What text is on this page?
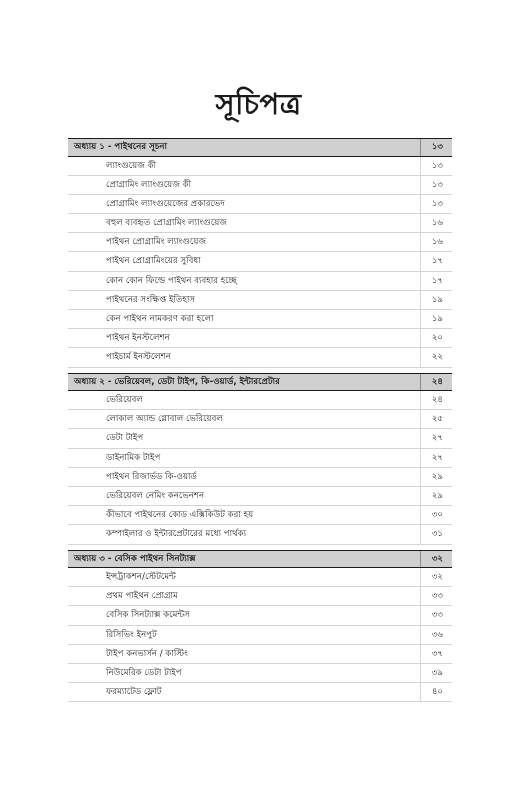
সূচিপত্র
অধ্যায় ১ - পাইথনের সূচনা	১৩
ল্যাংগুয়েজ কী	১৩
প্রোগ্রামিং ল্যাংগুয়েজ কী	১৩
প্রোগ্রামিং ল্যাংগুয়েজের প্রকারভেদ	১৩
বহুল ব্যবহৃত প্রোগ্রামিং ল্যাংগুয়েজ	১৬
পাইথন প্রোগ্রামিং ল্যাংগুয়েজ	১৬
পাইথন প্রোগ্রামিংয়ের সুবিধা	১৭
কোন কোন ফিল্ডে পাইথন ব্যবহার হচ্ছে	১৭
পাইথনের সংক্ষিপ্ত ইতিহাস	১৯
কেন পাইথন নামকরণ করা হলো	১৯
পাইথন ইনস্টলেশন	২০
পাইচার্ম ইনস্টলেশন	২২
অধ্যায় ২ - ভেরিয়েবল, ডেটা টাইপ, কি-ওয়ার্ড, ইন্টারপ্রেটার	২৪
ভেরিয়েবল	২৪
লোকাল অ্যান্ড গ্লোবাল ভেরিয়েবল	২৫
ডেটা টাইপ	২৭
ডাইনামিক টাইপ	২৭
পাইথন রিজার্ভড কি-ওয়ার্ড	২৯
ভেরিয়েবল নেমিং কনভেনশন	২৯
কীভাবে পাইথনের কোড এক্সিকিউট করা হয়	৩০
কম্পাইলার ও ইন্টারপ্রেটারের মধ্যে পার্থক্য	৩১
অধ্যায় ৩ - বেসিক পাইথন সিনট্যাক্স	৩২
ইন্সট্রাকশন/স্টেটমেন্ট	৩২
প্রথম পাইথন প্রোগ্রাম	৩৩
বেসিক সিনট্যাক্স কমেন্টস	৩৩
রিসিভিং ইনপুট	৩৬
টাইপ কনভার্সন / কাস্টিং	৩৭
নিউমেরিক ডেটা টাইপ	৩৯
ফরম্যাটেড ফ্লোট	৪০
